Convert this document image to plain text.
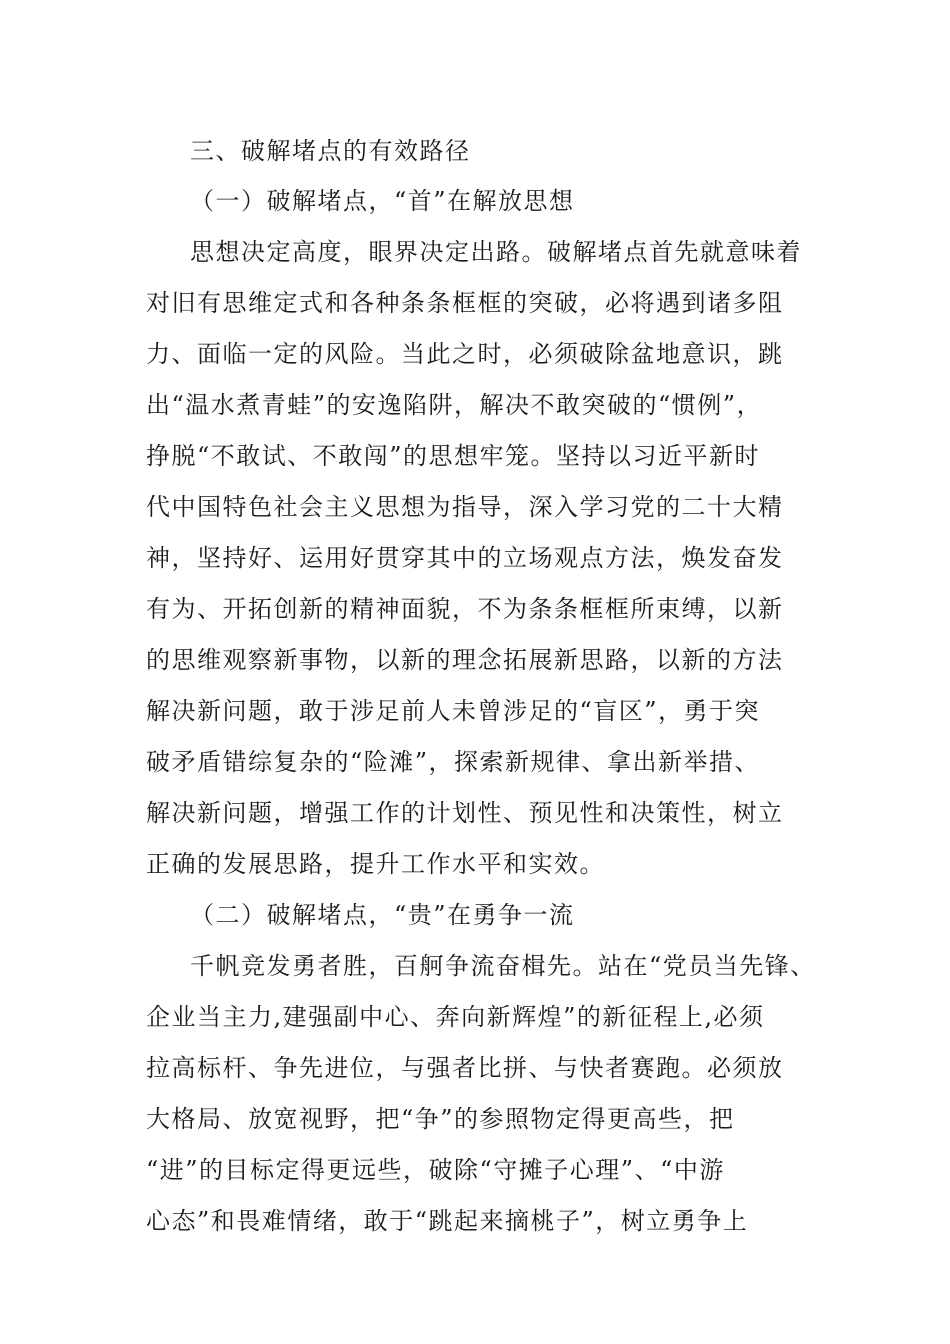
三、破解堵点的有效路径
（一）破解堵点，“首”在解放思想
思想决定高度，眼界决定出路。破解堵点首先就意味着
对旧有思维定式和各种条条框框的突破，必将遇到诸多阻
力、面临一定的风险。当此之时，必须破除盆地意识，跳
出“温水煮青蛙”的安逸陷阱，解决不敢突破的“惯例”，
挣脱“不敢试、不敢闯”的思想牢笼。坚持以习近平新时
代中国特色社会主义思想为指导，深入学习党的二十大精
神，坚持好、运用好贯穿其中的立场观点方法，焕发奋发
有为、开拓创新的精神面貌，不为条条框框所束缚，以新
的思维观察新事物，以新的理念拓展新思路，以新的方法
解决新问题，敢于涉足前人未曾涉足的“盲区”，勇于突
破矛盾错综复杂的“险滩”，探索新规律、拿出新举措、
解决新问题，增强工作的计划性、预见性和决策性，树立
正确的发展思路，提升工作水平和实效。
（二）破解堵点，“贵”在勇争一流
千帆竞发勇者胜，百舸争流奋楫先。站在“党员当先锋、
企业当主力,建强副中心、奔向新辉煌”的新征程上,必须
拉高标杆、争先进位，与强者比拼、与快者赛跑。必须放
大格局、放宽视野，把“争”的参照物定得更高些，把
“进”的目标定得更远些，破除“守摊子心理”、“中游
心态”和畏难情绪，敢于“跳起来摘桃子”，树立勇争上
